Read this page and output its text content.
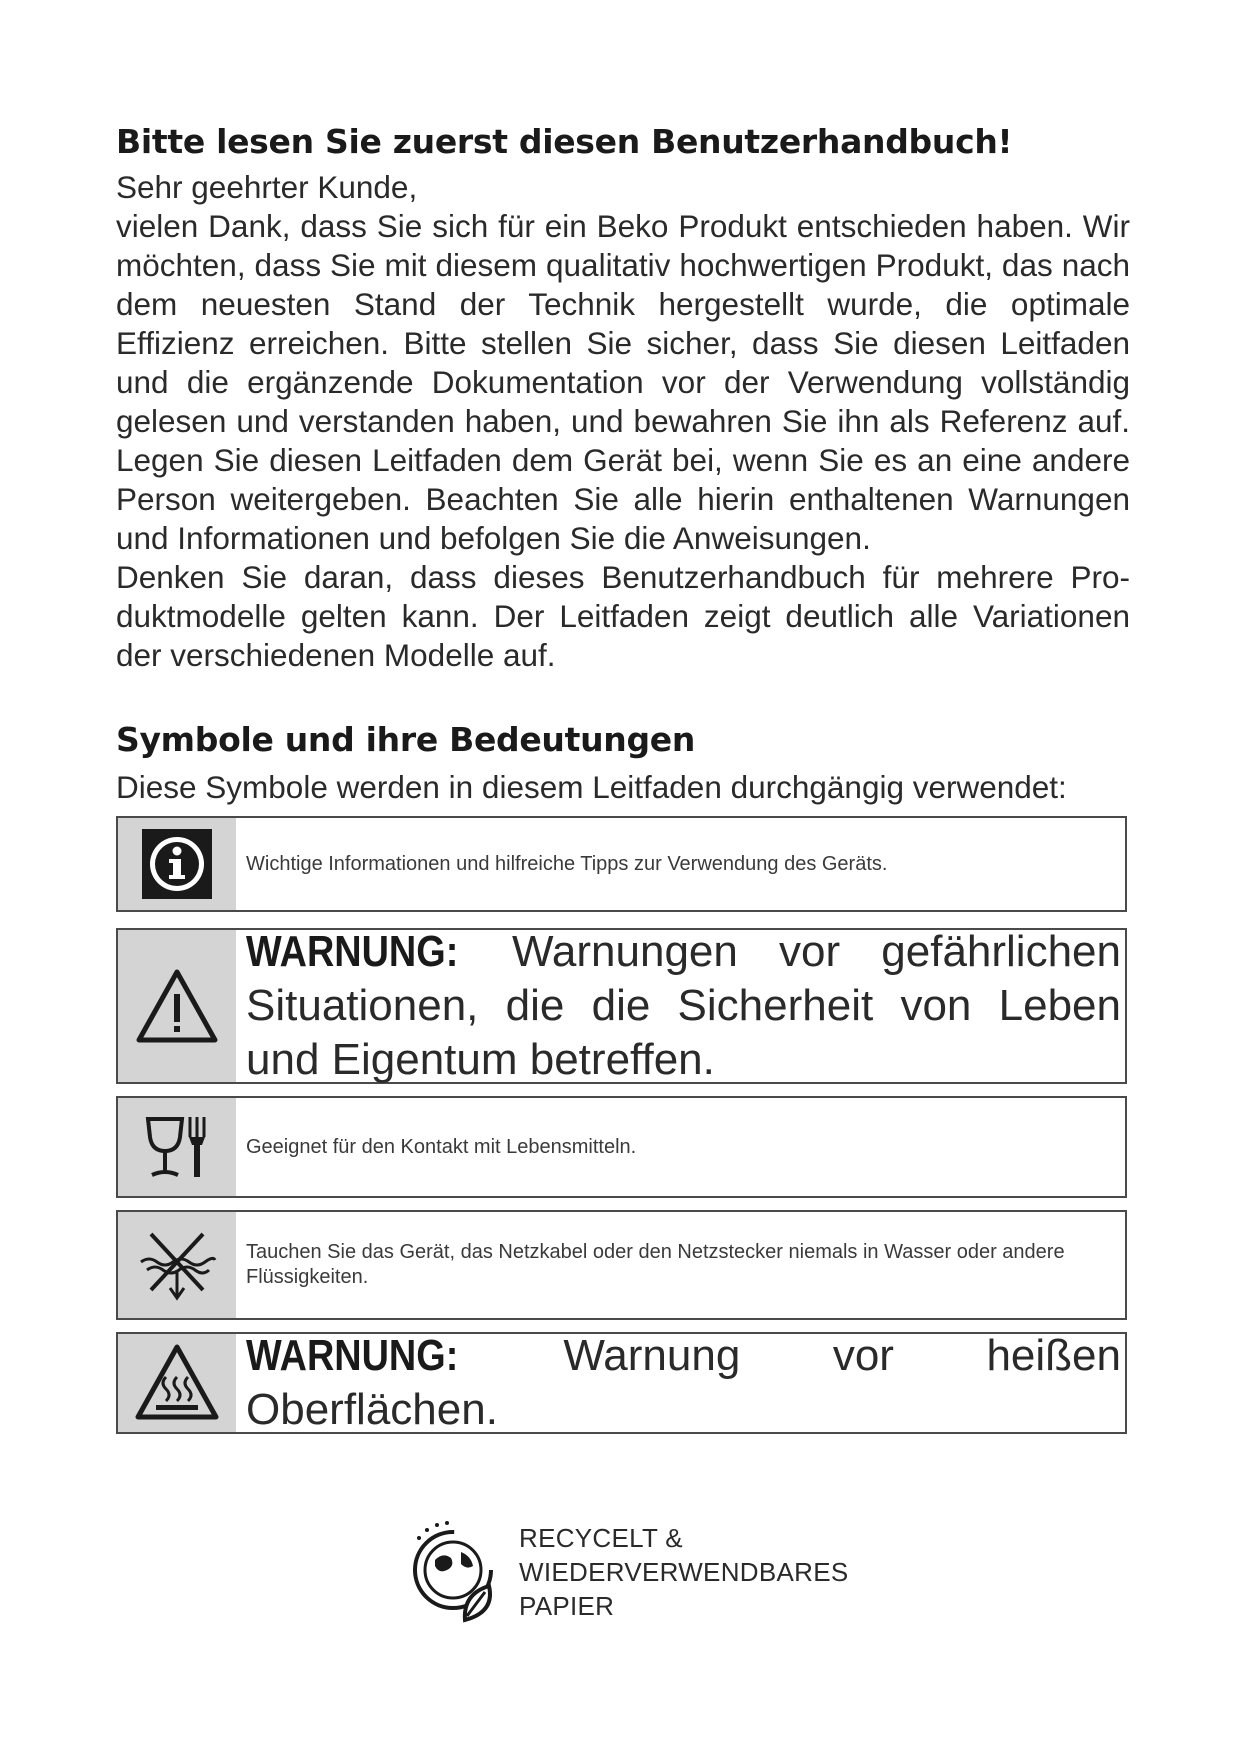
Bitte lesen Sie zuerst diesen Benutzerhandbuch!

Sehr geehrter Kunde,

vielen Dank, dass Sie sich für ein Beko Produkt entschieden haben. Wir möchten, dass Sie mit diesem qualitativ hochwertigen Produkt, das nach dem neuesten Stand der Technik hergestellt wurde, die optimale Effizienz erreichen. Bitte stellen Sie sicher, dass Sie diesen Leitfaden und die ergänzende Dokumentation vor der Verwendung vollständig gelesen und verstanden haben, und bewahren Sie ihn als Referenz auf. Legen Sie diesen Leitfaden dem Gerät bei, wenn Sie es an eine andere Person weitergeben. Beachten Sie alle hierin enthaltenen Warnungen und Informationen und befolgen Sie die Anweisungen.

Denken Sie daran, dass dieses Benutzerhandbuch für mehrere Produktmodelle gelten kann. Der Leitfaden zeigt deutlich alle Variationen der verschiedenen Modelle auf.

Symbole und ihre Bedeutungen

Diese Symbole werden in diesem Leitfaden durchgängig verwendet:

Wichtige Informationen und hilfreiche Tipps zur Verwendung des Geräts.
WARNUNG: Warnungen vor gefährlichen Situationen, die die Sicherheit von Leben und Eigentum betreffen.
Geeignet für den Kontakt mit Lebensmitteln.
Tauchen Sie das Gerät, das Netzkabel oder den Netzstecker niemals in Wasser oder andere Flüssigkeiten.
WARNUNG: Warnung vor heißen Oberflächen.
RECYCELT &
WIEDERVERWENDBARES
PAPIER
